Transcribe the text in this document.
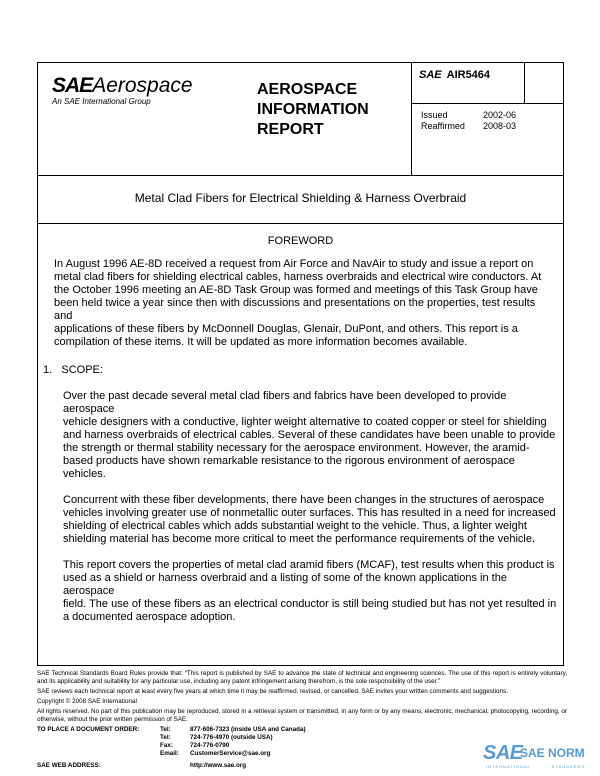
SAEAerospace
An SAE International Group
AEROSPACE
INFORMATION
REPORT
SAE AIR5464
Issued	2002-06
Reaffirmed 2008-03
Metal Clad Fibers for Electrical Shielding & Harness Overbraid
FOREWORD
In August 1996 AE-8D received a request from Air Force and NavAir to study and issue a report on
metal clad fibers for shielding electrical cables, harness overbraids and electrical wire conductors. At
the October 1996 meeting an AE-8D Task Group was formed and meetings of this Task Group have
been held twice a year since then with discussions and presentations on the properties, test results and
applications of these fibers by McDonnell Douglas, Glenair, DuPont, and others. This report is a
compilation of these items. It will be updated as more information becomes available.
1. SCOPE:
Over the past decade several metal clad fibers and fabrics have been developed to provide aerospace
vehicle designers with a conductive, lighter weight alternative to coated copper or steel for shielding
and harness overbraids of electrical cables. Several of these candidates have been unable to provide
the strength or thermal stability necessary for the aerospace environment. However, the aramid-
based products have shown remarkable resistance to the rigorous environment of aerospace vehicles.
Concurrent with these fiber developments, there have been changes in the structures of aerospace
vehicles involving greater use of nonmetallic outer surfaces. This has resulted in a need for increased
shielding of electrical cables which adds substantial weight to the vehicle. Thus, a lighter weight
shielding material has become more critical to meet the performance requirements of the vehicle.
This report covers the properties of metal clad aramid fibers (MCAF), test results when this product is
used as a shield or harness overbraid and a listing of some of the known applications in the aerospace
field. The use of these fibers as an electrical conductor is still being studied but has not yet resulted in
a documented aerospace adoption.

SAE Technical Standards Board Rules provide that: “This report is published by SAE to advance the state of technical and engineering sciences. The use of this report is entirely voluntary, and its applicability and suitability for any particular use, including any patent infringement arising therefrom, is the sole responsibility of the user.”

SAE reviews each technical report at least every five years at which time it may be reaffirmed, revised, or cancelled. SAE invites your written comments and suggestions.

Copyright © 2008 SAE International

All rights reserved. No part of this publication may be reproduced, stored in a retrieval system or transmitted, in any form or by any means, electronic, mechanical, photocopying, recording, or otherwise, without the prior written permission of SAE.

TO PLACE A DOCUMENT ORDER:	Tel:	877-606-7323 (inside USA and Canada)
Tel:	724-776-4970 (outside USA)
Fax:	724-776-0790
Email:	CustomerService@sae.org
SAE WEB ADDRESS:	http://www.sae.org
SAE
SAE NORM
INTERNATIONAL          STANDARDS
